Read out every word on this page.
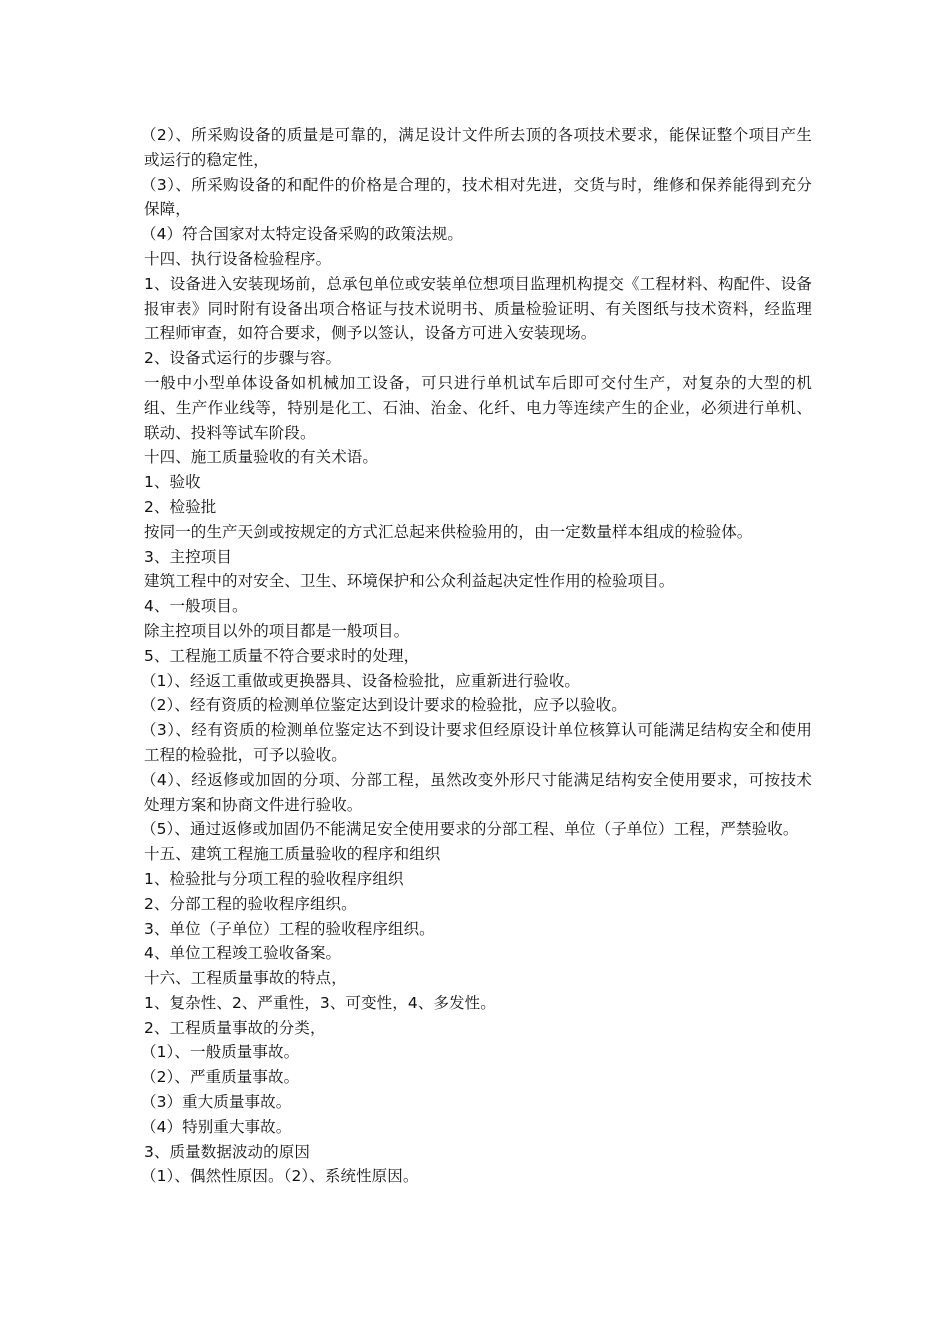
（2）、所采购设备的质量是可靠的，满足设计文件所去顶的各项技术要求，能保证整个项目产生或运行的稳定性，

（3）、所采购设备的和配件的价格是合理的，技术相对先进，交货与时，维修和保养能得到充分保障，

（4）符合国家对太特定设备采购的政策法规。

十四、执行设备检验程序。

1、设备进入安装现场前，总承包单位或安装单位想项目监理机构提交《工程材料、构配件、设备报审表》同时附有设备出项合格证与技术说明书、质量检验证明、有关图纸与技术资料，经监理工程师审查，如符合要求，侧予以签认，设备方可进入安装现场。

2、设备式运行的步骤与容。

一般中小型单体设备如机械加工设备，可只进行单机试车后即可交付生产，对复杂的大型的机组、生产作业线等，特别是化工、石油、治金、化纤、电力等连续产生的企业，必须进行单机、联动、投料等试车阶段。

十四、施工质量验收的有关术语。

1、验收

2、检验批

按同一的生产天剑或按规定的方式汇总起来供检验用的，由一定数量样本组成的检验体。

3、主控项目

建筑工程中的对安全、卫生、环境保护和公众利益起决定性作用的检验项目。

4、一般项目。

除主控项目以外的项目都是一般项目。

5、工程施工质量不符合要求时的处理，

（1）、经返工重做或更换器具、设备检验批，应重新进行验收。

（2）、经有资质的检测单位鉴定达到设计要求的检验批，应予以验收。

（3）、经有资质的检测单位鉴定达不到设计要求但经原设计单位核算认可能满足结构安全和使用工程的检验批，可予以验收。

（4）、经返修或加固的分项、分部工程，虽然改变外形尺寸能满足结构安全使用要求，可按技术处理方案和协商文件进行验收。

（5）、通过返修或加固仍不能满足安全使用要求的分部工程、单位（子单位）工程，严禁验收。

十五、建筑工程施工质量验收的程序和组织

1、检验批与分项工程的验收程序组织

2、分部工程的验收程序组织。

3、单位（子单位）工程的验收程序组织。

4、单位工程竣工验收备案。

十六、工程质量事故的特点，

1、复杂性、2、严重性，3、可变性，4、多发性。

2、工程质量事故的分类，

（1）、一般质量事故。

（2）、严重质量事故。

（3）重大质量事故。

（4）特别重大事故。

3、质量数据波动的原因

（1）、偶然性原因。（2）、系统性原因。
